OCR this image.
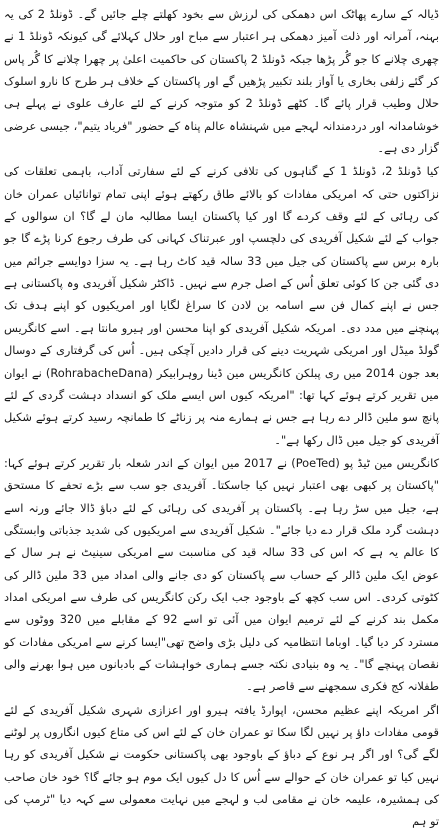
ڈیالہ کے سارے پھاٹک اس دھمکی کی لرزش سے بخود کھلتے چلے جائیں گے۔ ڈونلڈ 2 کی یہ بہنہ، آمرانہ اور ذلت آمیز دھمکی ہر اعتبار سے مباح اور حلال کہلائے گی کیونکہ ڈونلڈ 1 نے چھری چلانے کا جو گُر پڑھا جبکہ ڈونلڈ 2 پاکستان کی حاکمیت اعلیٰ پر چھرا چلانے کا گُر پاس کر گئے زلفی بخاری یا آواز بلند تکبیر پڑھیں گے اور پاکستان کے خلاف ہر طرح کا نارو اسلوک حلال وطیب قرار پائے گا۔ کٹھے ڈونلڈ 2 کو متوجہ کرنے کے لئے عارف علوی نے پہلے ہی خوشامدانہ اور دردمندانہ لہجے میں شہنشاہ عالم پناہ کے حضور "فریاد یتیم"، جیسی عرضی گزار دی ہے۔

کیا ڈونلڈ 2، ڈونلڈ 1 کے گناہوں کی تلافی کرنے کے لئے سفارتی آداب، باہمی تعلقات کی نزاکتوں حتی کہ امریکی مفادات کو بالائے طاق رکھتے ہوئے اپنی تمام توانائیاں عمران خان کی رہائی کے لئے وقف کردے گا اور کیا پاکستان ایسا مطالبہ مان لے گا؟ ان سوالوں کے جواب کے لئے شکیل آفریدی کی دلچسپ اور عبرتناک کہانی کی طرف رجوع کرنا پڑے گا جو بارہ برس سے پاکستان کی جیل میں 33 سالہ قید کاٹ رہا ہے۔ یہ سزا دوایسے جرائم میں دی گئی جن کا کوئی تعلق اُس کے اصل جرم سے نہیں۔ ڈاکٹر شکیل آفریدی وہ پاکستانی ہے جس نے اپنے کمال فن سے اسامہ بن لادن کا سراغ لگایا اور امریکیوں کو اپنے ہدف تک پہنچنے میں مدد دی۔ امریکہ شکیل آفریدی کو اپنا محسن اور ہیرو مانتا ہے۔ اسے کانگریس گولڈ میڈل اور امریکی شہریت دینے کی قرار دادیں آچکی ہیں۔ اُس کی گرفتاری کے دوسال بعد جون 2014 میں ری پبلکن کانگریس مین ڈینا روہرابیکر (RohrabacheDana) نے ایوان میں تقریر کرتے ہوئے کہا تھا: "امریکہ کیوں اس ایسے ملک کو انسداد دہشت گردی کے لئے پانچ سو ملین ڈالر دے رہا ہے جس نے ہمارے منہ پر زناٹے کا طمانچہ رسید کرتے ہوئے شکیل آفریدی کو جیل میں ڈال رکھا ہے"۔

کانگریس مین ٹیڈ پو (PoeTed) نے 2017 میں ایوان کے اندر شعلہ بار تقریر کرتے ہوئے کہا: "پاکستان پر کبھی بھی اعتبار نہیں کیا جاسکتا۔ آفریدی جو سب سے بڑے تحفے کا مستحق ہے، جیل میں سڑ رہا ہے۔ پاکستان پر آفریدی کی رہائی کے لئے دباؤ ڈالا جائے ورنہ اسے دہشت گرد ملک قرار دے دیا جائے"۔ شکیل آفریدی سے امریکیوں کی شدید جذباتی وابستگی کا عالم یہ ہے کہ اس کی 33 سالہ قید کی مناسبت سے امریکی سینیٹ نے ہر سال کے عوض ایک ملین ڈالر کے حساب سے پاکستان کو دی جانے والی امداد میں 33 ملین ڈالر کی کٹوتی کردی۔ اس سب کچھ کے باوجود جب ایک رکن کانگریس کی طرف سے امریکی امداد مکمل بند کرنے کے لئے ترمیم ایوان میں آئی تو اسے 92 کے مقابلے میں 320 ووٹوں سے مسترد کر دیا گیا۔ اوباما انتظامیہ کی دلیل بڑی واضح تھی"ایسا کرنے سے امریکی مفادات کو نقصان پہنچے گا"۔ یہ وہ بنیادی نکتہ جسے ہماری خواہشات کے بادبانوں میں ہوا بھرنے والی طفلانہ کج فکری سمجھنے سے قاصر ہے۔

اگر امریکہ اپنے عظیم محسن، اپوارڈ یافتہ ہیرو اور اعزازی شہری شکیل آفریدی کے لئے قومی مفادات داؤ پر نہیں لگا سکا تو عمران خان کے لئے اس کی متاع کیوں انگاروں پر لوٹنے لگے گی؟ اور اگر ہر نوع کے دباؤ کے باوجود بھی پاکستانی حکومت نے شکیل آفریدی کو رہا نہیں کیا تو عمران خان کے حوالے سے اُس کا دل کیوں ایک موم ہو جائے گا؟ خود خان صاحب کی ہمشیرہ، علیمہ خان نے مقامی لب و لہجے میں نہایت معمولی سے کہہ دیا "ٹرمپ کی تو ہم
